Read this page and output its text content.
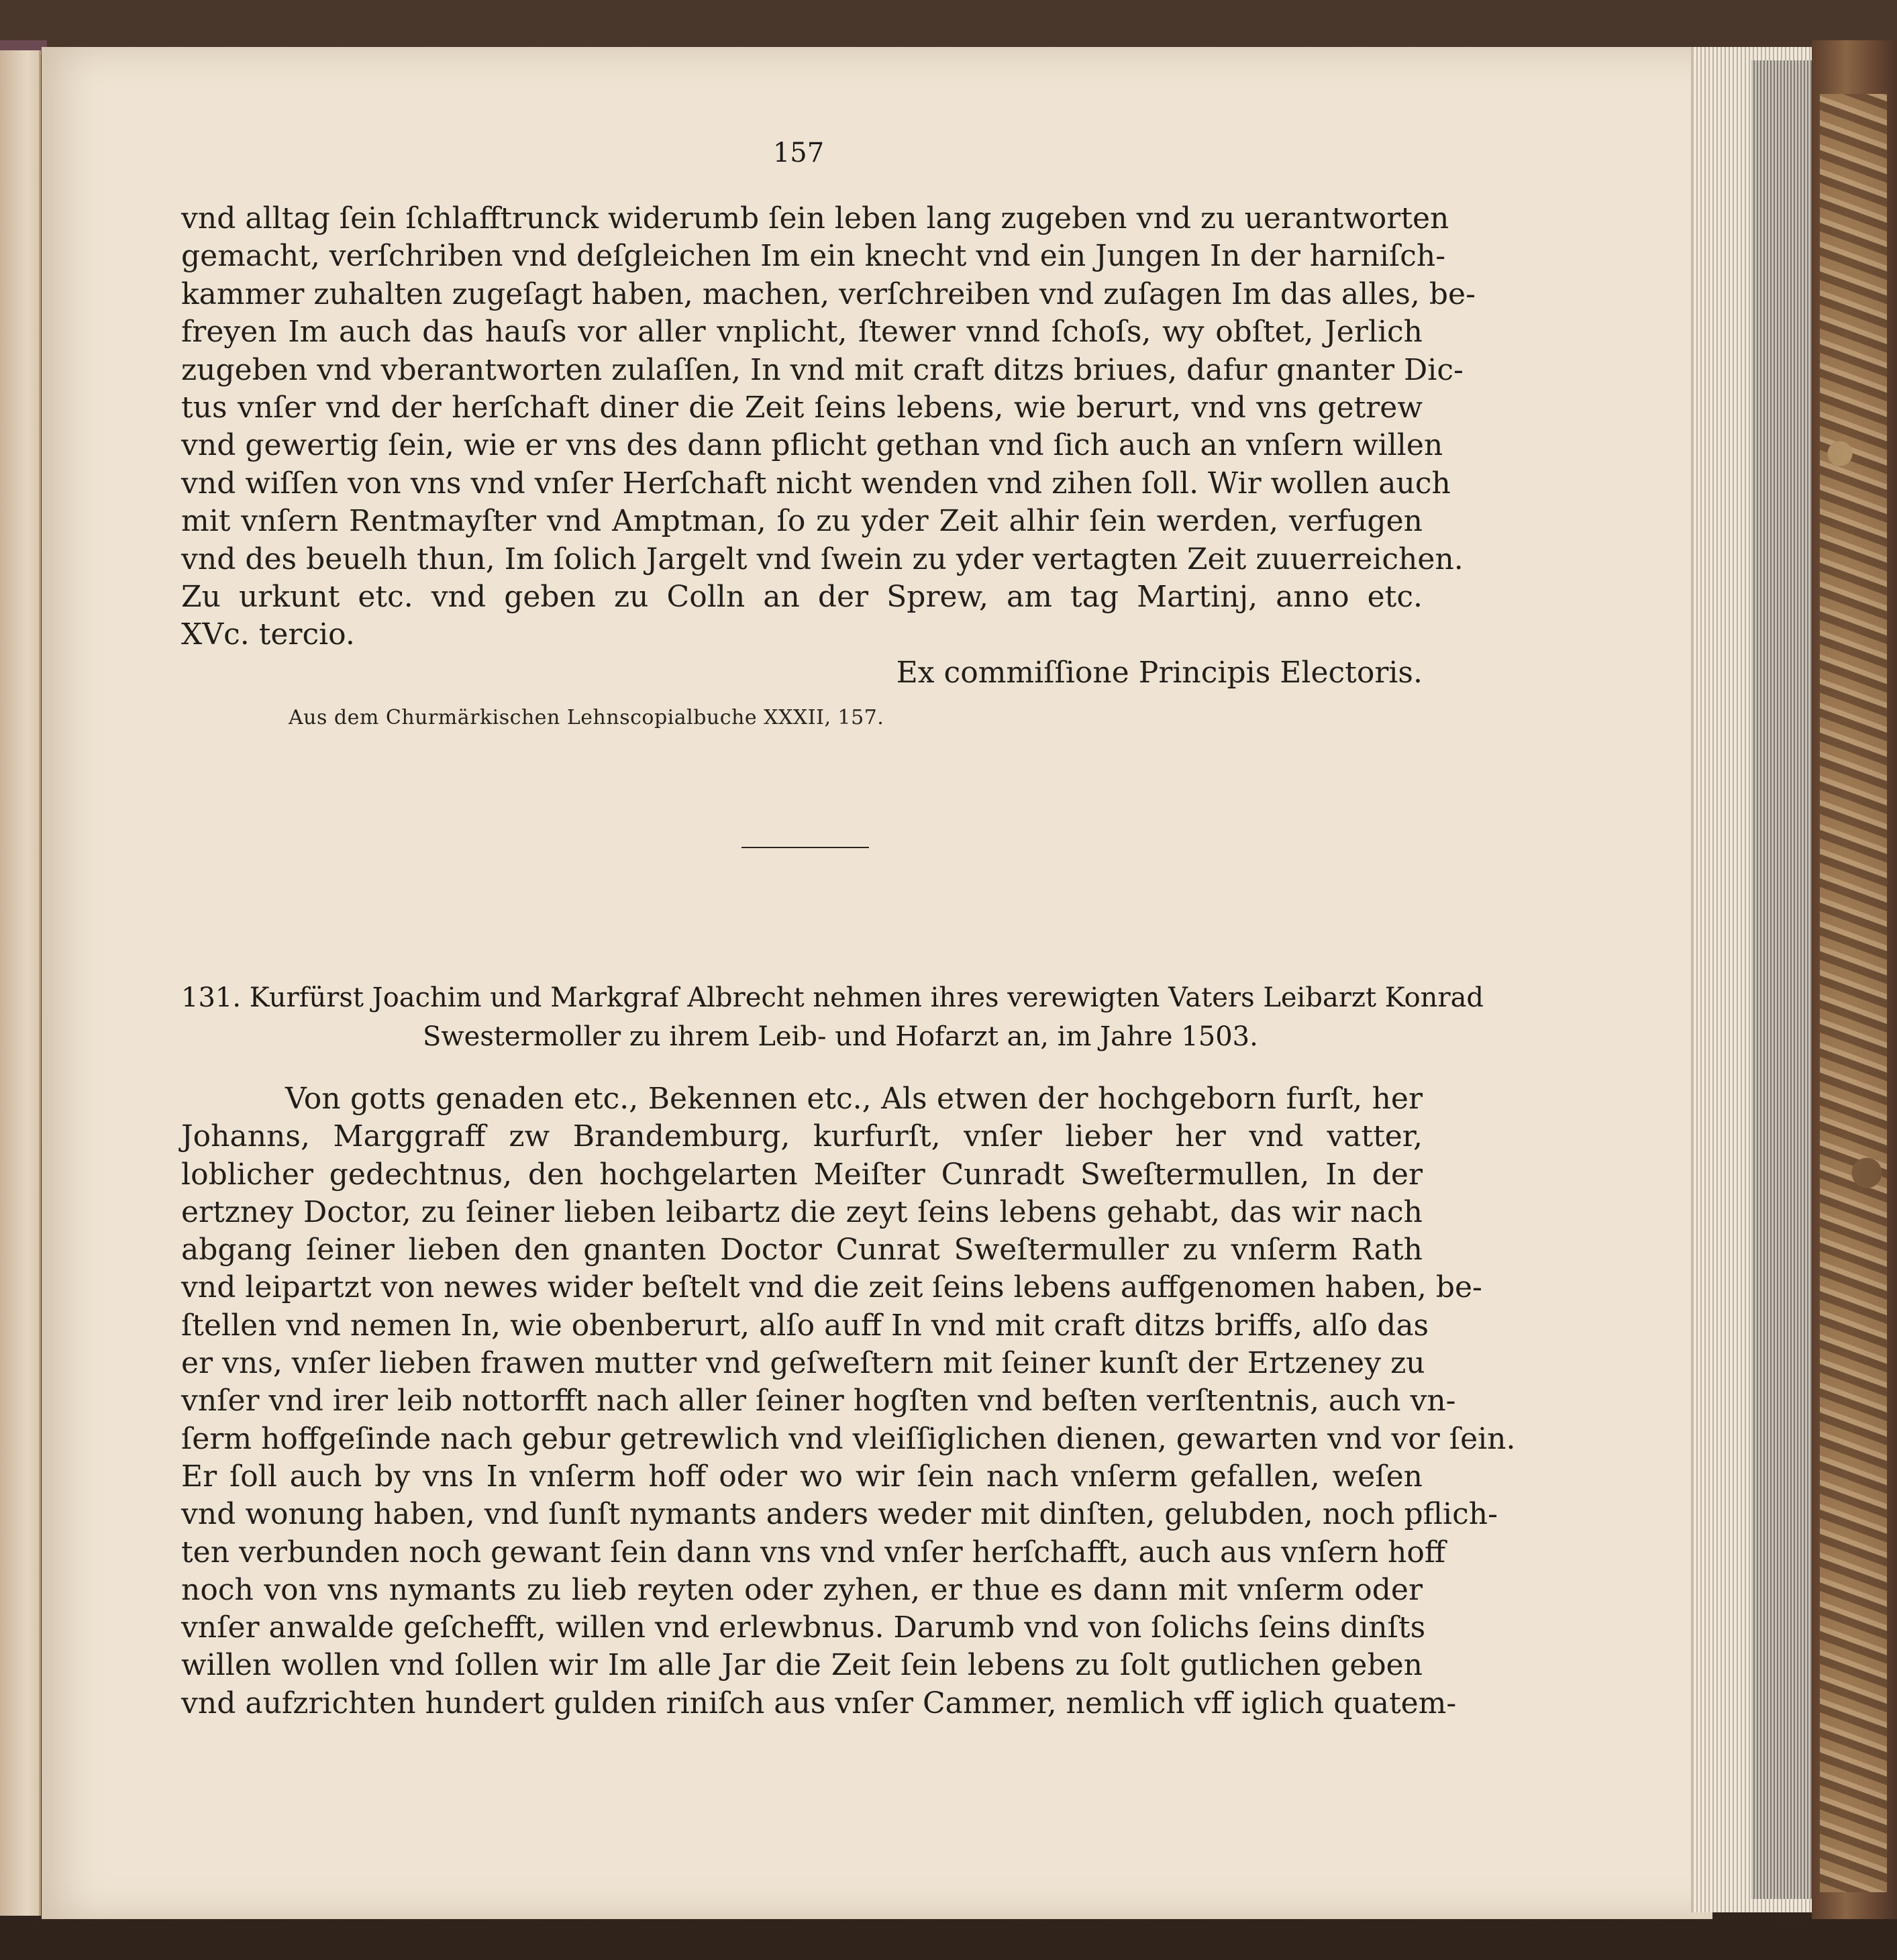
157
vnd alltag ſein ſchlafftrunck widerumb ſein leben lang zugeben vnd zu uerantworten
gemacht, verſchriben vnd deſgleichen Im ein knecht vnd ein Jungen In der harniſch-
kammer zuhalten zugeſagt haben, machen, verſchreiben vnd zuſagen Im das alles, be-
freyen Im auch das hauſs vor aller vnplicht, ſtewer vnnd ſchoſs, wy obſtet, Jerlich
zugeben vnd vberantworten zulaſſen, In vnd mit craft ditzs briues, dafur gnanter Dic-
tus vnſer vnd der herſchaft diner die Zeit ſeins lebens, wie berurt, vnd vns getrew
vnd gewertig ſein, wie er vns des dann pflicht gethan vnd ſich auch an vnſern willen
vnd wiſſen von vns vnd vnſer Herſchaft nicht wenden vnd zihen ſoll. Wir wollen auch
mit vnſern Rentmayſter vnd Amptman, ſo zu yder Zeit alhir ſein werden, verfugen
vnd des beuelh thun, Im ſolich Jargelt vnd ſwein zu yder vertagten Zeit zuuerreichen.
Zu urkunt etc. vnd geben zu Colln an der Sprew, am tag Martinj, anno etc.
XVc. tercio.
Ex commiſſione Principis Electoris.
Aus dem Churmärkischen Lehnscopialbuche XXXII, 157.
131. Kurfürst Joachim und Markgraf Albrecht nehmen ihres verewigten Vaters Leibarzt Konrad
Swestermoller zu ihrem Leib- und Hofarzt an, im Jahre 1503.
Von gotts genaden etc., Bekennen etc., Als etwen der hochgeborn furſt, her
Johanns, Marggraff zw Brandemburg, kurfurſt, vnſer lieber her vnd vatter,
loblicher gedechtnus, den hochgelarten Meiſter Cunradt Sweſtermullen, In der
ertzney Doctor, zu ſeiner lieben leibartz die zeyt ſeins lebens gehabt, das wir nach
abgang ſeiner lieben den gnanten Doctor Cunrat Sweſtermuller zu vnſerm Rath
vnd leipartzt von newes wider beſtelt vnd die zeit ſeins lebens auffgenomen haben, be-
ſtellen vnd nemen In, wie obenberurt, alſo auff In vnd mit craft ditzs briffs, alſo das
er vns, vnſer lieben frawen mutter vnd geſweſtern mit ſeiner kunſt der Ertzeney zu
vnſer vnd irer leib nottorfft nach aller ſeiner hogſten vnd beſten verſtentnis, auch vn-
ſerm hoffgeſinde nach gebur getrewlich vnd vleiſſiglichen dienen, gewarten vnd vor ſein.
Er ſoll auch by vns In vnſerm hoff oder wo wir ſein nach vnſerm gefallen, weſen
vnd wonung haben, vnd ſunſt nymants anders weder mit dinſten, gelubden, noch pflich-
ten verbunden noch gewant ſein dann vns vnd vnſer herſchafft, auch aus vnſern hoff
noch von vns nymants zu lieb reyten oder zyhen, er thue es dann mit vnſerm oder
vnſer anwalde geſchefft, willen vnd erlewbnus. Darumb vnd von ſolichs ſeins dinſts
willen wollen vnd ſollen wir Im alle Jar die Zeit ſein lebens zu ſolt gutlichen geben
vnd aufzrichten hundert gulden riniſch aus vnſer Cammer, nemlich vff iglich quatem-
